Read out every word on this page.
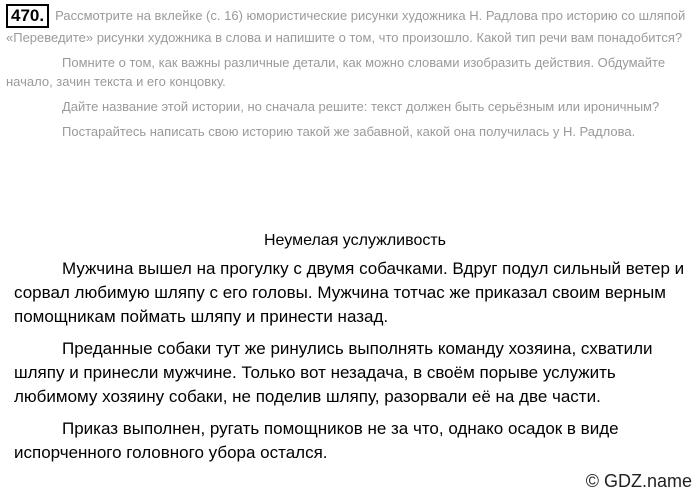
470. Рассмотрите на вклейке (с. 16) юмористические рисунки художника Н. Радлова про историю со шляпой «Переведите» рисунки художника в слова и напишите о том, что произошло. Какой тип речи вам понадобится?

Помните о том, как важны различные детали, как можно словами изобразить действия. Обдумайте начало, зачин текста и его концовку.

Дайте название этой истории, но сначала решите: текст должен быть серьёзным или ироничным?

Постарайтесь написать свою историю такой же забавной, какой она получилась у Н. Радлова.

Неумелая услужливость

Мужчина вышел на прогулку с двумя собачками. Вдруг подул сильный ветер и сорвал любимую шляпу с его головы. Мужчина тотчас же приказал своим верным помощникам поймать шляпу и принести назад.

Преданные собаки тут же ринулись выполнять команду хозяина, схватили шляпу и принесли мужчине. Только вот незадача, в своём порыве услужить любимому хозяину собаки, не поделив шляпу, разорвали её на две части.

Приказ выполнен, ругать помощников не за что, однако осадок в виде испорченного головного убора остался.

© GDZ.name
